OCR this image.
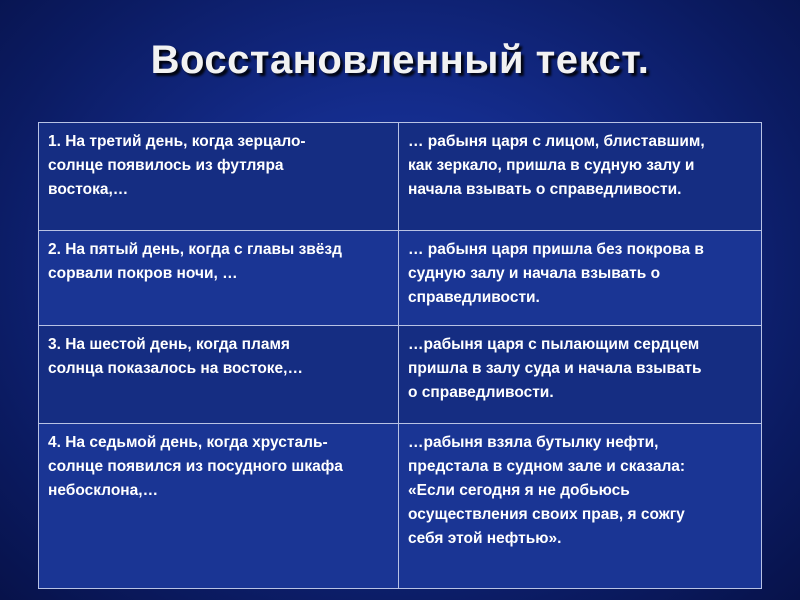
Восстановленный текст.
1. На третий день, когда зерцало-
солнце появилось из футляра
востока,…	… рабыня царя с лицом, блиставшим,
как зеркало, пришла в судную залу и
начала взывать о справедливости.

2. На пятый день, когда с главы звёзд
сорвали покров ночи, …	… рабыня царя пришла без покрова в
судную залу и начала взывать о
справедливости.

3. На шестой день, когда пламя
солнца показалось на востоке,…	…рабыня царя с пылающим сердцем
пришла в залу суда и начала взывать
о справедливости.

4. На седьмой день, когда хрусталь-
солнце появился из посудного шкафа
небосклона,…	…рабыня взяла бутылку нефти,
предстала в судном зале и сказала:
«Если сегодня я не добьюсь
осуществления своих прав, я сожгу
себя этой нефтью».
